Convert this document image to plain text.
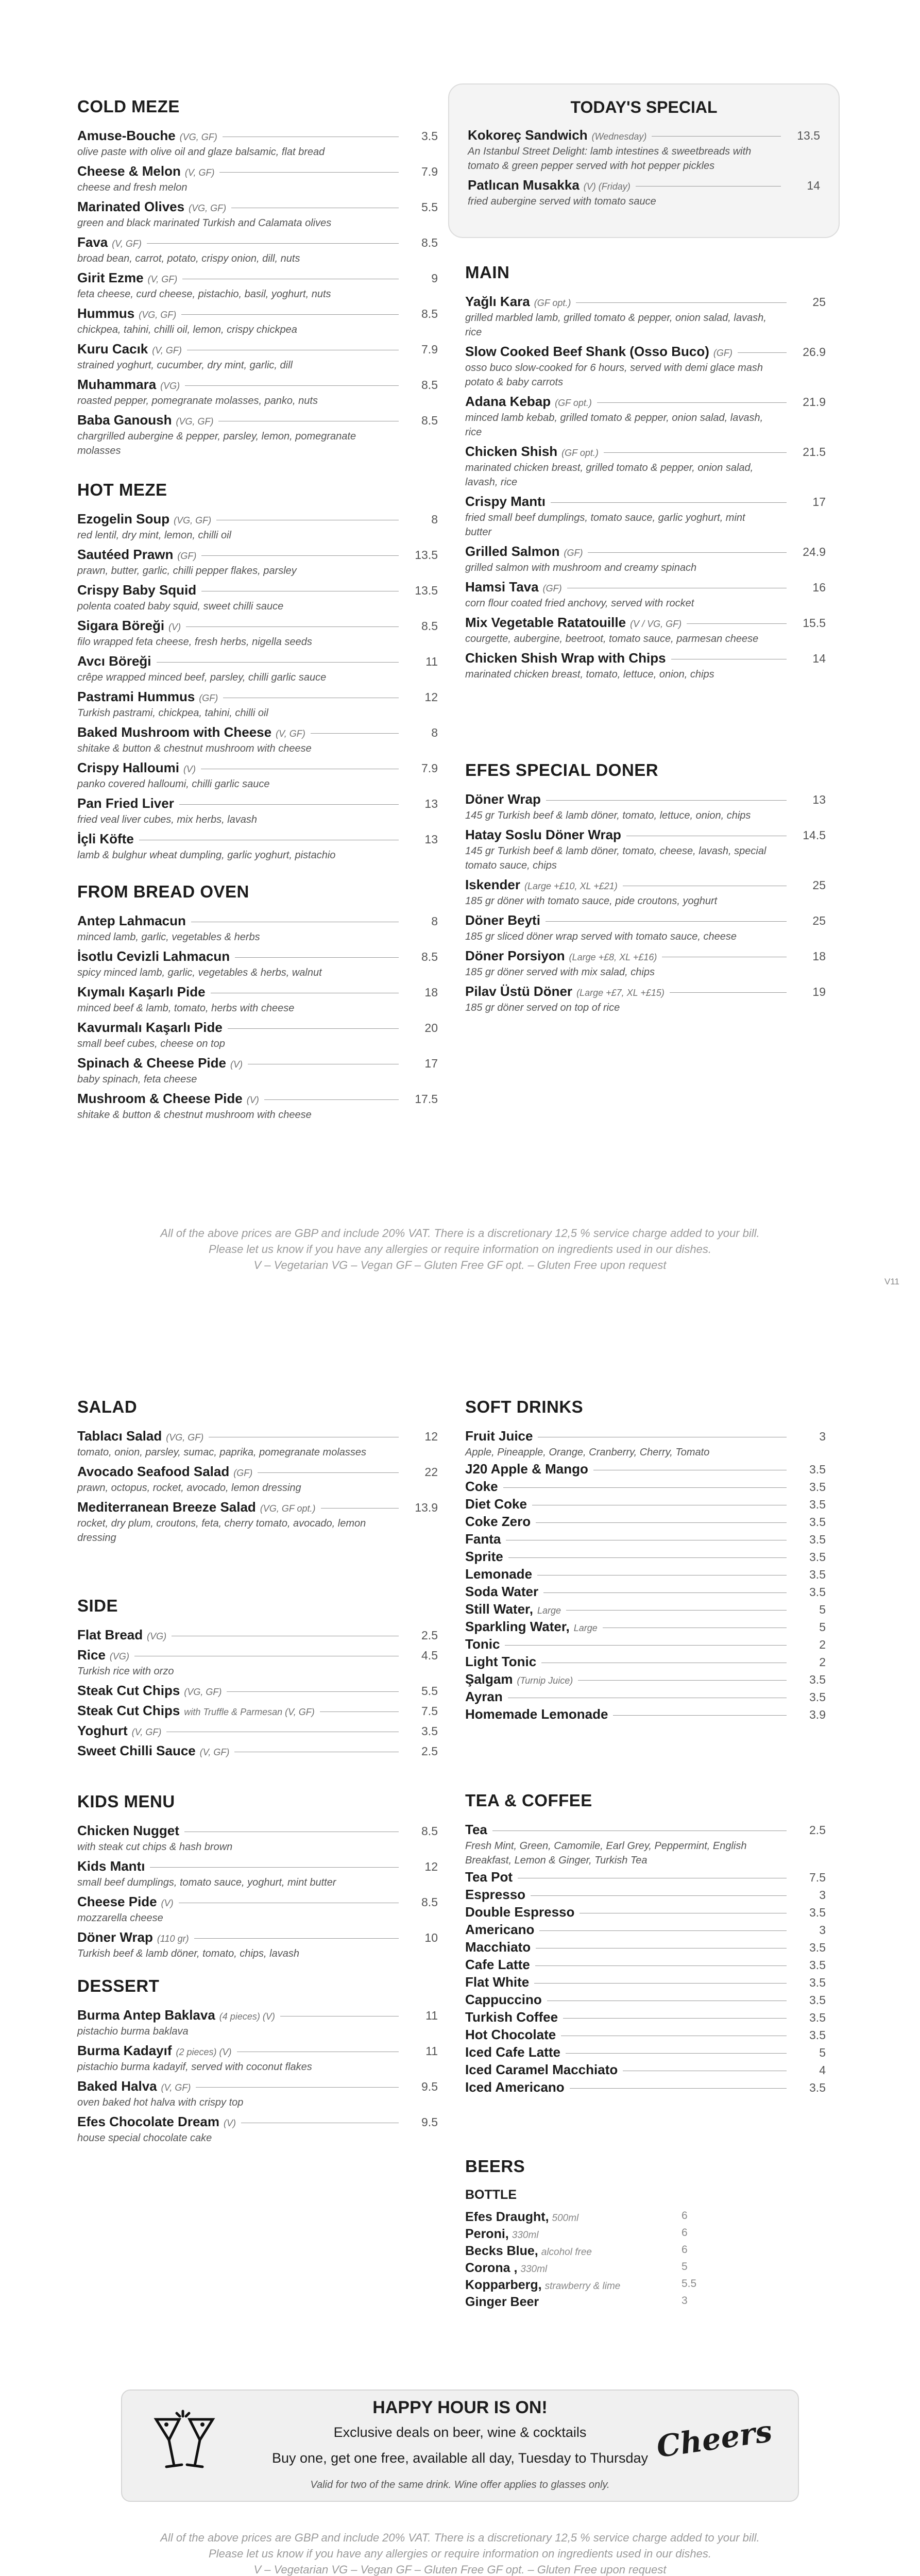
COLD MEZE
Amuse-Bouche (VG, GF)	3.5
olive paste with olive oil and glaze balsamic, flat bread
Cheese & Melon (V, GF)	7.9
cheese and fresh melon
Marinated Olives (VG, GF)	5.5
green and black marinated Turkish and Calamata olives
Fava (V, GF)	8.5
broad bean, carrot, potato, crispy onion, dill, nuts
Girit Ezme (V, GF)	9
feta cheese, curd cheese, pistachio, basil, yoghurt, nuts
Hummus (VG, GF)	8.5
chickpea, tahini, chilli oil, lemon, crispy chickpea
Kuru Cacık (V, GF)	7.9
strained yoghurt, cucumber, dry mint, garlic, dill
Muhammara (VG)	8.5
roasted pepper, pomegranate molasses, panko, nuts
Baba Ganoush (VG, GF)	8.5
chargrilled aubergine & pepper, parsley, lemon, pomegranate molasses
HOT MEZE
Ezogelin Soup (VG, GF)	8
red lentil, dry mint, lemon, chilli oil
Sautéed Prawn (GF)	13.5
prawn, butter, garlic, chilli pepper flakes, parsley
Crispy Baby Squid	13.5
polenta coated baby squid, sweet chilli sauce
Sigara Böreği (V)	8.5
filo wrapped feta cheese, fresh herbs, nigella seeds
Avcı Böreği	11
crêpe wrapped minced beef, parsley, chilli garlic sauce
Pastrami Hummus (GF)	12
Turkish pastrami, chickpea, tahini, chilli oil
Baked Mushroom with Cheese (V, GF)	8
shitake & button & chestnut mushroom with cheese
Crispy Halloumi (V)	7.9
panko covered halloumi, chilli garlic sauce
Pan Fried Liver	13
fried veal liver cubes, mix herbs, lavash
İçli Köfte	13
lamb & bulghur wheat dumpling, garlic yoghurt, pistachio
FROM BREAD OVEN
Antep Lahmacun	8
minced lamb, garlic, vegetables & herbs
İsotlu Cevizli Lahmacun	8.5
spicy minced lamb, garlic, vegetables & herbs, walnut
Kıymalı Kaşarlı Pide	18
minced beef & lamb, tomato, herbs with cheese
Kavurmalı Kaşarlı Pide	20
small beef cubes, cheese on top
Spinach & Cheese Pide (V)	17
baby spinach, feta cheese
Mushroom & Cheese Pide (V)	17.5
shitake & button & chestnut mushroom with cheese
TODAY'S SPECIAL
Kokoreç Sandwich (Wednesday)	13.5
An Istanbul Street Delight: lamb intestines & sweetbreads with tomato & green pepper served with hot pepper pickles
Patlıcan Musakka (V) (Friday)	14
fried aubergine served with tomato sauce
MAIN
Yağlı Kara (GF opt.)	25
grilled marbled lamb, grilled tomato & pepper, onion salad, lavash, rice
Slow Cooked Beef Shank (Osso Buco) (GF)	26.9
osso buco slow-cooked for 6 hours, served with demi glace mash potato & baby carrots
Adana Kebap (GF opt.)	21.9
minced lamb kebab, grilled tomato & pepper, onion salad, lavash, rice
Chicken Shish (GF opt.)	21.5
marinated chicken breast, grilled tomato & pepper, onion salad, lavash, rice
Crispy Mantı	17
fried small beef dumplings, tomato sauce, garlic yoghurt, mint butter
Grilled Salmon (GF)	24.9
grilled salmon with mushroom and creamy spinach
Hamsi Tava (GF)	16
corn flour coated fried anchovy, served with rocket
Mix Vegetable Ratatouille (V / VG, GF)	15.5
courgette, aubergine, beetroot, tomato sauce, parmesan cheese
Chicken Shish Wrap with Chips	14
marinated chicken breast, tomato, lettuce, onion, chips
EFES SPECIAL DONER
Döner Wrap	13
145 gr Turkish beef & lamb döner, tomato, lettuce, onion, chips
Hatay Soslu Döner Wrap	14.5
145 gr Turkish beef & lamb döner, tomato, cheese, lavash, special tomato sauce, chips
Iskender (Large +£10, XL +£21)	25
185 gr döner with tomato sauce, pide croutons, yoghurt
Döner Beyti	25
185 gr sliced döner wrap served with tomato sauce, cheese
Döner Porsiyon (Large +£8, XL +£16)	18
185 gr döner served with mix salad, chips
Pilav Üstü Döner (Large +£7, XL +£15)	19
185 gr döner served on top of rice
All of the above prices are GBP and include 20% VAT. There is a discretionary 12,5 % service charge added to your bill.
Please let us know if you have any allergies or require information on ingredients used in our dishes.
V – Vegetarian VG – Vegan GF – Gluten Free GF opt. – Gluten Free upon request
V11
SALAD
Tablacı Salad (VG, GF)	12
tomato, onion, parsley, sumac, paprika, pomegranate molasses
Avocado Seafood Salad (GF)	22
prawn, octopus, rocket, avocado, lemon dressing
Mediterranean Breeze Salad (VG, GF opt.)	13.9
rocket, dry plum, croutons, feta, cherry tomato, avocado, lemon dressing
SIDE
Flat Bread (VG)	2.5
Rice (VG)	4.5
Turkish rice with orzo
Steak Cut Chips (VG, GF)	5.5
Steak Cut Chips with Truffle & Parmesan (V, GF)	7.5
Yoghurt (V, GF)	3.5
Sweet Chilli Sauce (V, GF)	2.5
KIDS MENU
Chicken Nugget	8.5
with steak cut chips & hash brown
Kids Mantı	12
small beef dumplings, tomato sauce, yoghurt, mint butter
Cheese Pide (V)	8.5
mozzarella cheese
Döner Wrap (110 gr)	10
Turkish beef & lamb döner, tomato, chips, lavash
DESSERT
Burma Antep Baklava (4 pieces) (V)	11
pistachio burma baklava
Burma Kadayıf (2 pieces) (V)	11
pistachio burma kadayif, served with coconut flakes
Baked Halva (V, GF)	9.5
oven baked hot halva with crispy top
Efes Chocolate Dream (V)	9.5
house special chocolate cake
SOFT DRINKS
Fruit Juice	3
Apple, Pineapple, Orange, Cranberry, Cherry, Tomato
J20 Apple & Mango	3.5
Coke	3.5
Diet Coke	3.5
Coke Zero	3.5
Fanta	3.5
Sprite	3.5
Lemonade	3.5
Soda Water	3.5
Still Water, Large	5
Sparkling Water, Large	5
Tonic	2
Light Tonic	2
Şalgam (Turnip Juice)	3.5
Ayran	3.5
Homemade Lemonade	3.9
TEA & COFFEE
Tea	2.5
Fresh Mint, Green, Camomile, Earl Grey, Peppermint, English Breakfast, Lemon & Ginger, Turkish Tea
Tea Pot	7.5
Espresso	3
Double Espresso	3.5
Americano	3
Macchiato	3.5
Cafe Latte	3.5
Flat White	3.5
Cappuccino	3.5
Turkish Coffee	3.5
Hot Chocolate	3.5
Iced Cafe Latte	5
Iced Caramel Macchiato	4
Iced Americano	3.5
BEERS
BOTTLE
Efes Draught, 500ml	6
Peroni, 330ml	6
Becks Blue, alcohol free	6
Corona , 330ml	5
Kopparberg, strawberry & lime	5.5
Ginger Beer	3
HAPPY HOUR IS ON!
Exclusive deals on beer, wine & cocktails
Buy one, get one free, available all day, Tuesday to Thursday
Valid for two of the same drink. Wine offer applies to glasses only.
Cheers
All of the above prices are GBP and include 20% VAT. There is a discretionary 12,5 % service charge added to your bill.
Please let us know if you have any allergies or require information on ingredients used in our dishes.
V – Vegetarian VG – Vegan GF – Gluten Free GF opt. – Gluten Free upon request
